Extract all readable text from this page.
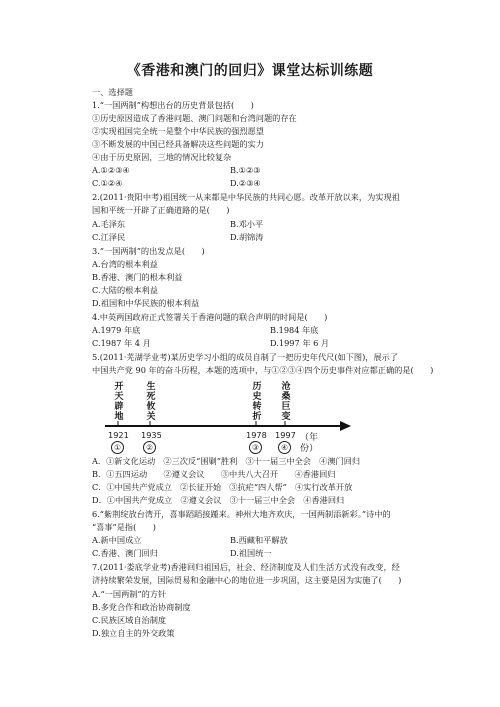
《香港和澳门的回归》课堂达标训练题
一、选择题
1.“一国两制”构想出台的历史背景包括(　　)
①历史原因造成了香港问题、澳门问题和台湾问题的存在
②实现祖国完全统一是整个中华民族的强烈愿望
③不断发展的中国已经具备解决这些问题的实力
④由于历史原因，三地的情况比较复杂
A.①②③④	B.①②③
C.①②④	D.②③④
2.(2011·贵阳中考)祖国统一从来都是中华民族的共同心愿。改革开放以来，为实现祖
国和平统一开辟了正确道路的是(　　)
A.毛泽东	B.邓小平
C.江泽民	D.胡锦涛
3.“一国两制”的出发点是(　　)
A.台湾的根本利益
B.香港、澳门的根本利益
C.大陆的根本利益
D.祖国和中华民族的根本利益
4.中英两国政府正式签署关于香港问题的联合声明的时间是(　　)
A.1979 年底	B.1984 年底
C.1987 年 4 月	D.1997 年 6 月
5.(2011·芜湖学业考)某历史学习小组的成员自制了一把历史年代尺(如下图)，展示了
中国共产党 90 年的奋斗历程，本题的选项中，与①②③④四个历史事件对应都正确的是(　　)
开天辟地
生死攸关
历史转折
沧桑巨变
1921 1935	1978 1997
①	②	③	④
（年份）
A．①新文化运动　②三次反“围剿”胜利　③十一届三中全会　④澳门回归
B．①五四运动　　②遵义会议　　③中共八大召开　　④香港回归
C．①中国共产党成立　②长征开始　③抗疟“四人帮”　④实行改革开放
D．①中国共产党成立　②遵义会议　③十一届三中全会　④香港回归
6.“紫荆绽放台湾开，喜事蹈蹈接踵来。神州大地齐欢庆，一国两制添新彩。”诗中的
“喜事”是指(　　)
A.新中国成立	B.西藏和平解放
C.香港、澳门回归	D.祖国统一
7.(2011·娄底学业考)香港回归祖国后，社会、经济制度及人们生活方式没有改变，经
济持续繁荣发展，国际贸易和金融中心的地位进一步巩固，这主要是因为实施了(　　)
A.“一国两制”的方针
B.多党合作和政治协商制度
C.民族区域自治制度
D.独立自主的外交政策
